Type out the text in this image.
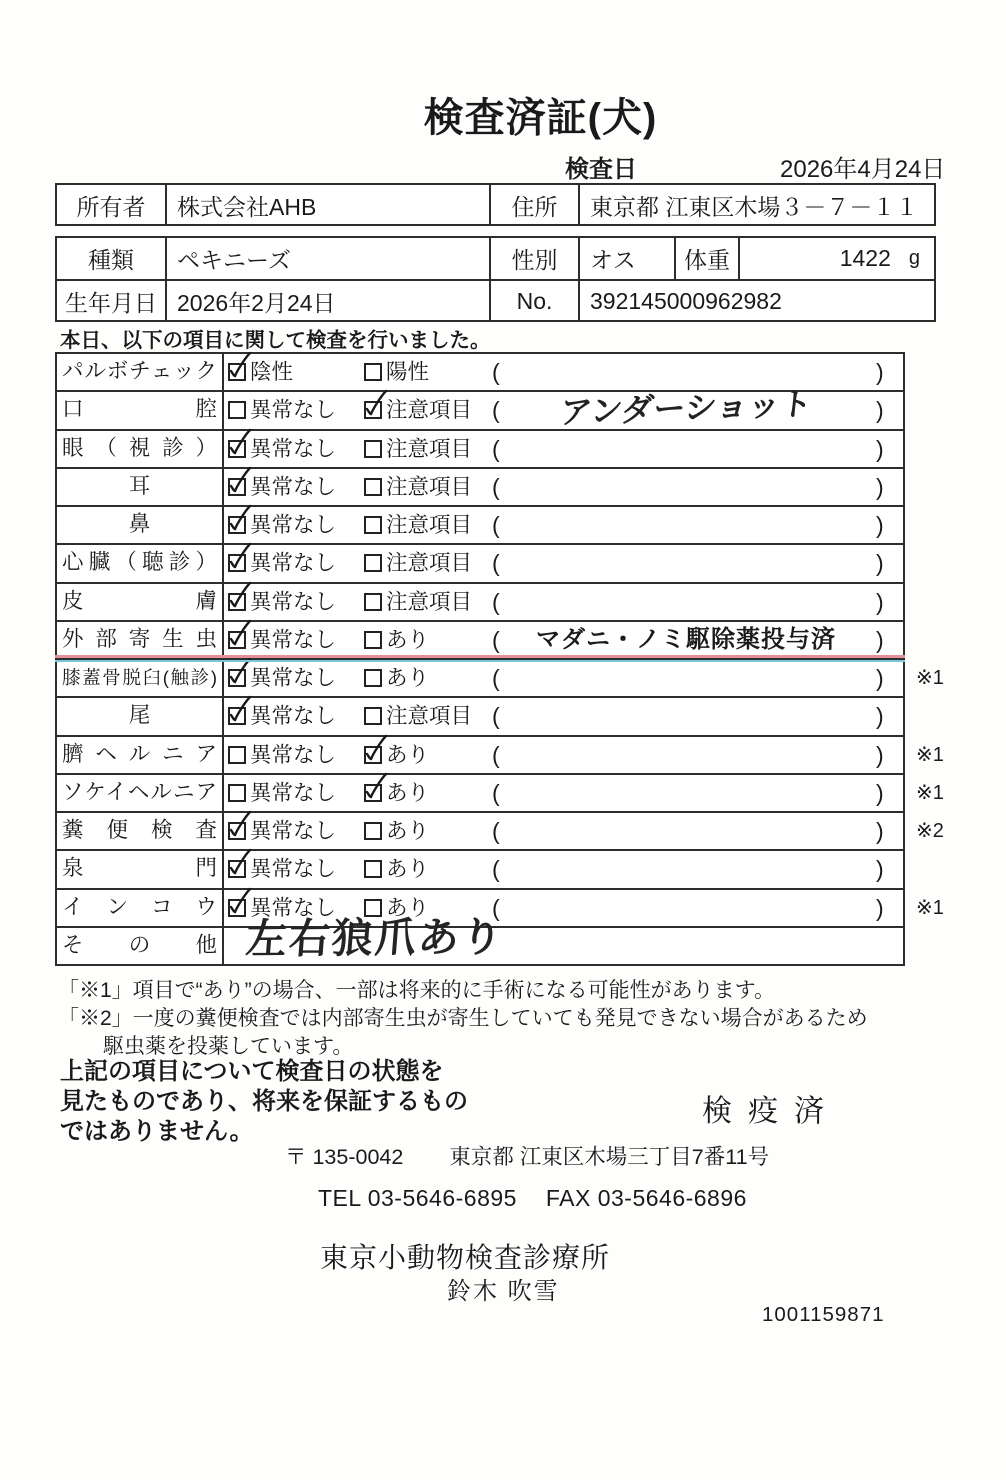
検査済証(犬)
検査日	2026年4月24日
所有者	株式会社AHB	住所	東京都 江東区木場３－７－１１
種類	ペキニーズ	性別	オス	体重	1422 g
生年月日 2026年2月24日	No.	392145000962982
本日、以下の項目に関して検査を行いました。
パルボチェック	陰性	陽性	(	)
口腔	異常なし	注意項目 (	アンダーショット	)
眼（視診）	異常なし	注意項目 (	)
耳	異常なし	注意項目 (	)
鼻	異常なし	注意項目 (	)
心臓（聴診）	異常なし	注意項目 (	)
皮膚	異常なし	注意項目 (	)
外部寄生虫	異常なし	あり	(	マダニ・ノミ駆除薬投与済	)
膝蓋骨脱臼(触診)	異常なし	あり	(	) ※1
尾	異常なし	注意項目 (	)
臍ヘルニア	異常なし	あり	(	) ※1
ソケイヘルニア	異常なし	あり	(	) ※1
糞便検査	異常なし	あり	(	) ※2
泉門	異常なし	あり	(	)
インコウ	異常なし	あり	(	) ※1
その他 左右狼爪あり
「※1」項目で“あり”の場合、一部は将来的に手術になる可能性があります。
「※2」一度の糞便検査では内部寄生虫が寄生していても発見できない場合があるため
駆虫薬を投薬しています。
上記の項目について検査日の状態を
見たものであり、将来を保証するもの
ではありません。
検疫済
〒 135-0042 東京都 江東区木場三丁目7番11号
TEL 03-5646-6895 FAX 03-5646-6896
東京小動物検査診療所
鈴木 吹雪
1001159871
